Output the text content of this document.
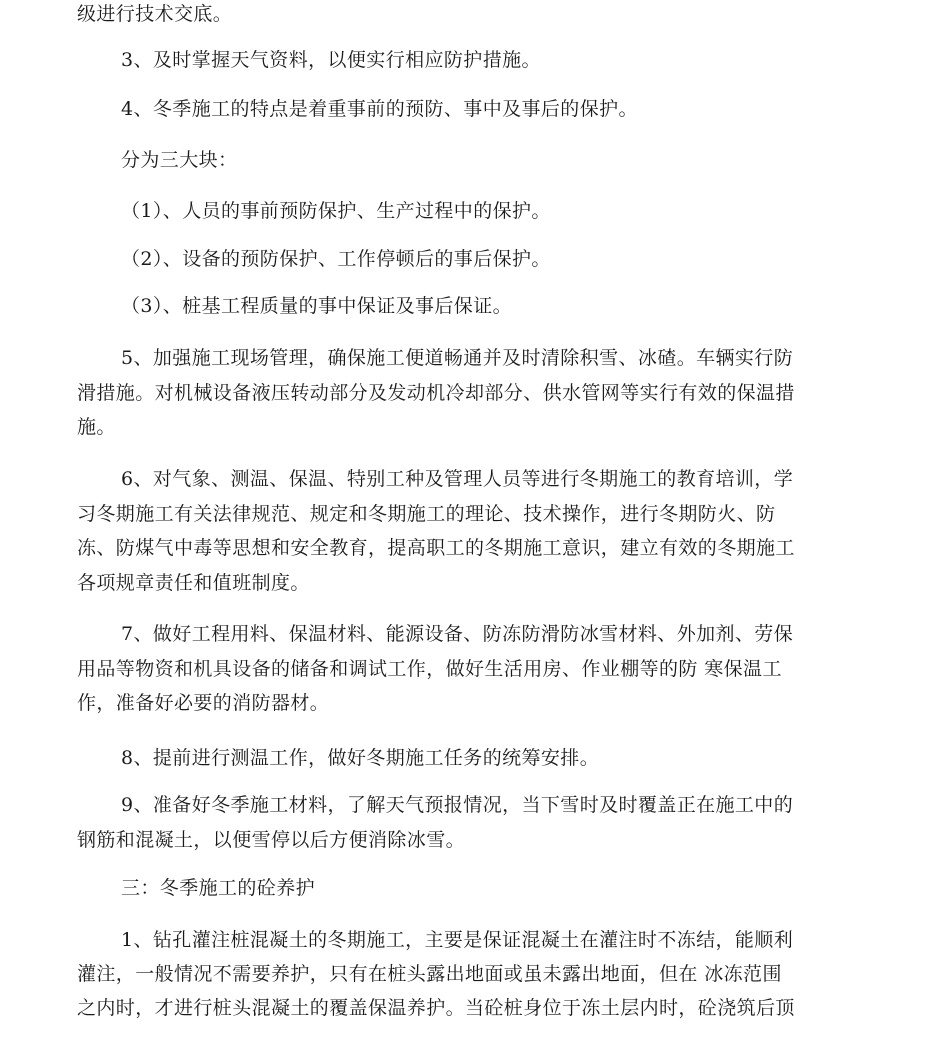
级进行技术交底。
3、及时掌握天气资料，以便实行相应防护措施。
4、冬季施工的特点是着重事前的预防、事中及事后的保护。
分为三大块：
（1）、人员的事前预防保护、生产过程中的保护。
（2）、设备的预防保护、工作停顿后的事后保护。
（3）、桩基工程质量的事中保证及事后保证。
5、加强施工现场管理，确保施工便道畅通并及时清除积雪、冰碴。车辆实行防
滑措施。对机械设备液压转动部分及发动机冷却部分、供水管网等实行有效的保温措
施。
6、对气象、测温、保温、特别工种及管理人员等进行冬期施工的教育培训，学
习冬期施工有关法律规范、规定和冬期施工的理论、技术操作，进行冬期防火、防
冻、防煤气中毒等思想和安全教育，提高职工的冬期施工意识，建立有效的冬期施工
各项规章责任和值班制度。
7、做好工程用料、保温材料、能源设备、防冻防滑防冰雪材料、外加剂、劳保
用品等物资和机具设备的储备和调试工作，做好生活用房、作业棚等的防 寒保温工
作，准备好必要的消防器材。
8、提前进行测温工作，做好冬期施工任务的统筹安排。
9、准备好冬季施工材料，了解天气预报情况，当下雪时及时覆盖正在施工中的
钢筋和混凝土，以便雪停以后方便消除冰雪。
三：冬季施工的砼养护
1、钻孔灌注桩混凝土的冬期施工，主要是保证混凝土在灌注时不冻结，能顺利
灌注，一般情况不需要养护，只有在桩头露出地面或虽未露出地面，但在 冰冻范围
之内时，才进行桩头混凝土的覆盖保温养护。当砼桩身位于冻土层内时，砼浇筑后顶
